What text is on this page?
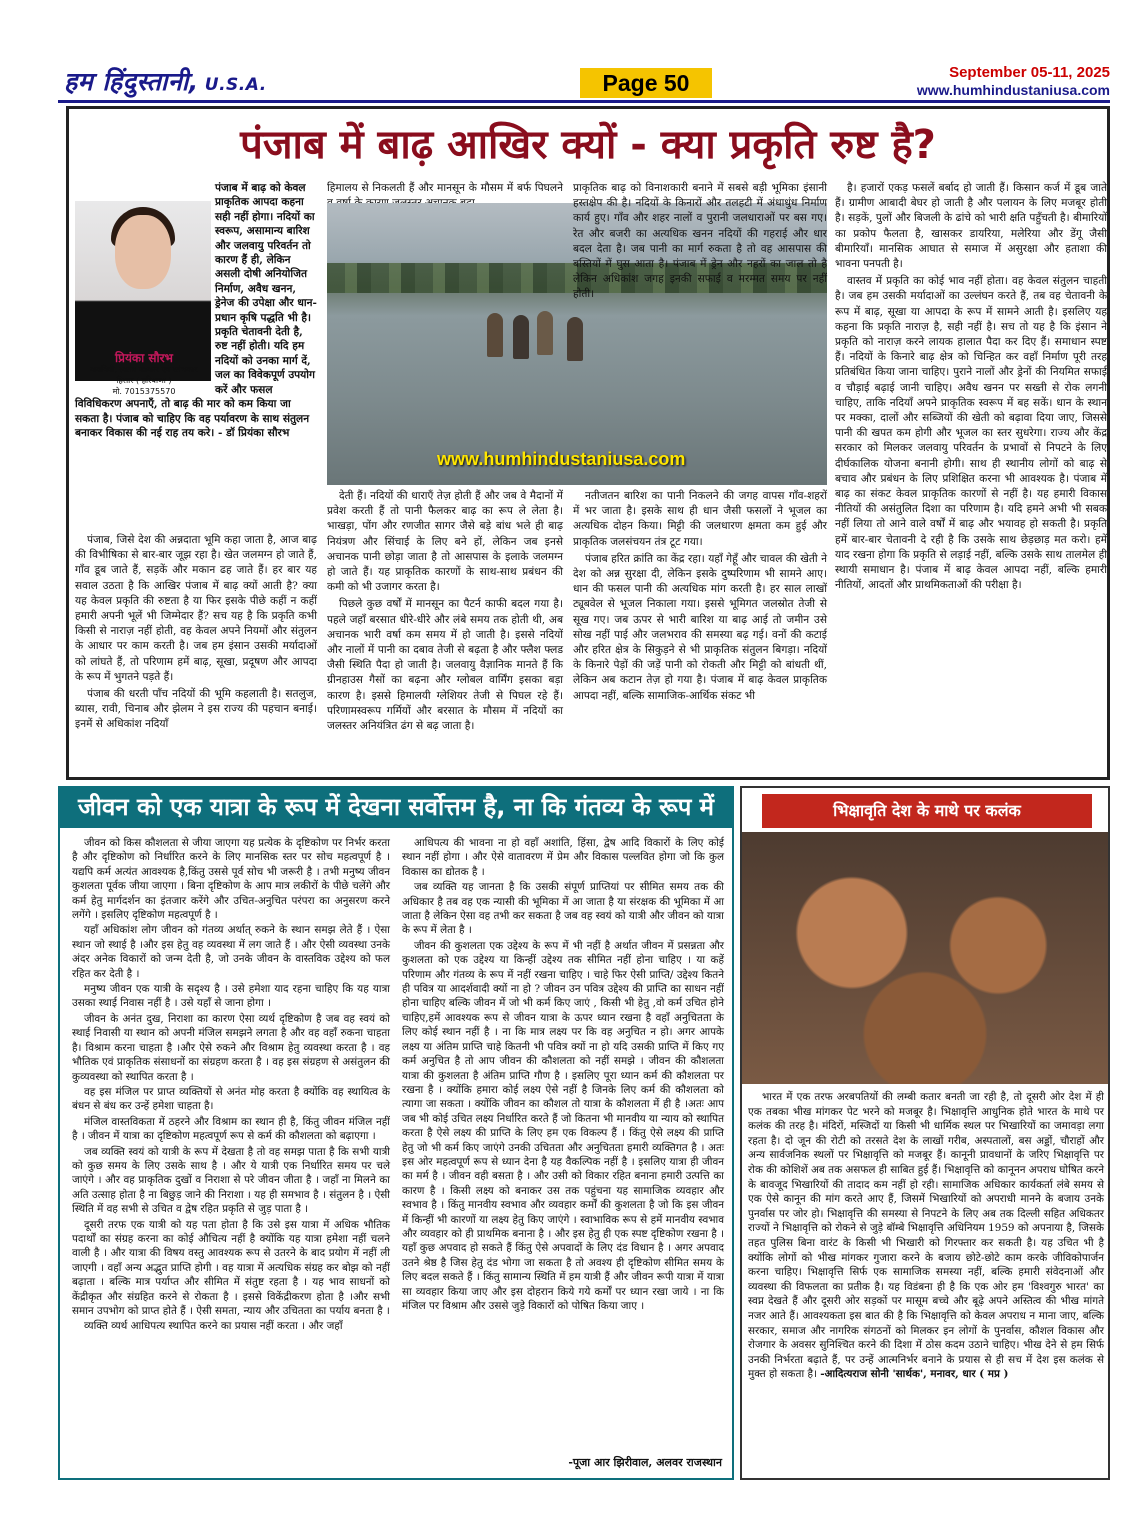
हम हिंदुस्तानी, U.S.A.	Page 50	September 05-11, 2025
www.humhindustaniusa.com
पंजाब में बाढ़ आखिर क्यों - क्या प्रकृति रुष्ट है?
पंजाब में बाढ़ को केवल प्राकृतिक आपदा कहना सही नहीं होगा। नदियों का स्वरूप, असामान्य बारिश और जलवायु परिवर्तन तो कारण हैं ही, लेकिन असली दोषी अनियोजित निर्माण, अवैध खनन, ड्रेनेज की उपेक्षा और धान-प्रधान कृषि पद्धति भी है। प्रकृति चेतावनी देती है, रुष्ट नहीं होती। यदि हम नदियों को उनका मार्ग दें, जल का विवेकपूर्ण उपयोग करें और फसल विविधिकरण अपनाएँ, तो बाढ़ की मार को कम किया जा सकता है। पंजाब को चाहिए कि वह पर्यावरण के साथ संतुलन बनाकर विकास की नई राह तय करे। - डॉ प्रियंका सौरभ
प्रियंका सौरभ
कवयित्री, स्वतंत्र पत्रकार एवं स्तंभकार
हिसार ( हरियाणा )
मो. 7015375570

पंजाब, जिसे देश की अन्नदाता भूमि कहा जाता है, आज बाढ़ की विभीषिका से बार-बार जूझ रहा है। खेत जलमग्न हो जाते हैं, गाँव डूब जाते हैं, सड़कें और मकान ढह जाते हैं। हर बार यह सवाल उठता है कि आखिर पंजाब में बाढ़ क्यों आती है? क्या यह केवल प्रकृति की रुष्टता है या फिर इसके पीछे कहीं न कहीं हमारी अपनी भूलें भी जिम्मेदार हैं? सच यह है कि प्रकृति कभी किसी से नाराज़ नहीं होती, वह केवल अपने नियमों और संतुलन के आधार पर काम करती है। जब हम इंसान उसकी मर्यादाओं को लांघते हैं, तो परिणाम हमें बाढ़, सूखा, प्रदूषण और आपदा के रूप में भुगतने पड़ते हैं।

पंजाब की धरती पाँच नदियों की भूमि कहलाती है। सतलुज, ब्यास, रावी, चिनाब और झेलम ने इस राज्य की पहचान बनाई। इनमें से अधिकांश नदियाँ

हिमालय से निकलती हैं और मानसून के मौसम में बर्फ पिघलने
www.humhindustaniusa.com

देती हैं। नदियों की धाराएँ तेज़ होती हैं और जब वे मैदानों में प्रवेश करती हैं तो पानी फैलकर बाढ़ का रूप ले लेता है। भाखड़ा, पोंग और रणजीत सागर जैसे बड़े बांध भले ही बाढ़ नियंत्रण और सिंचाई के लिए बने हों, लेकिन जब इनसे अचानक पानी छोड़ा जाता है तो आसपास के इलाके जलमग्न हो जाते हैं। यह प्राकृतिक कारणों के साथ-साथ प्रबंधन की कमी को भी उजागर करता है।

पिछले कुछ वर्षों में मानसून का पैटर्न काफी बदल गया है। पहले जहाँ बरसात धीरे-धीरे और लंबे समय तक होती थी, अब अचानक भारी वर्षा कम समय में हो जाती है। इससे नदियों और नालों में पानी का दबाव तेजी से बढ़ता है और फ्लैश फ्लड जैसी स्थिति पैदा हो जाती है। जलवायु वैज्ञानिक मानते हैं कि ग्रीनहाउस गैसों का बढ़ना और ग्लोबल वार्मिंग इसका बड़ा कारण है। इससे हिमालयी ग्लेशियर तेजी से पिघल रहे हैं। परिणामस्वरूप गर्मियों और बरसात के मौसम में नदियों का जलस्तर अनियंत्रित ढंग से बढ़ जाता है।

प्राकृतिक बाढ़ को विनाशकारी बनाने में सबसे बड़ी भूमिका इंसानी हस्तक्षेप की है। नदियों के किनारों और तलहटी में अंधाधुंध निर्माण कार्य हुए। गाँव और शहर नालों व पुरानी जलधाराओं पर बस गए। रेत और बजरी का अत्यधिक खनन नदियों की गहराई और धार बदल देता है। जब पानी का मार्ग रुकता है तो वह आसपास की बस्तियों में घुस आता है। पंजाब में ड्रेन और नहरों का जाल तो है लेकिन अधिकांश जगह इनकी सफाई व मरम्मत समय पर नहीं होती।

नतीजतन बारिश का पानी निकलने की जगह वापस गाँव-शहरों में भर जाता है। इसके साथ ही धान जैसी फसलों ने भूजल का अत्यधिक दोहन किया। मिट्टी की जलधारण क्षमता कम हुई और प्राकृतिक जलसंचयन तंत्र टूट गया।

पंजाब हरित क्रांति का केंद्र रहा। यहाँ गेहूँ और चावल की खेती ने देश को अन्न सुरक्षा दी, लेकिन इसके दुष्परिणाम भी सामने आए। धान की फसल पानी की अत्यधिक मांग करती है। हर साल लाखों ट्यूबवेल से भूजल निकाला गया। इससे भूमिगत जलस्रोत तेजी से सूख गए। जब ऊपर से भारी बारिश या बाढ़ आई तो जमीन उसे सोख नहीं पाई और जलभराव की समस्या बढ़ गई। वनों की कटाई और हरित क्षेत्र के सिकुड़ने से भी प्राकृतिक संतुलन बिगड़ा। नदियों के किनारे पेड़ों की जड़ें पानी को रोकती और मिट्टी को बांधती थीं, लेकिन अब कटान तेज़ हो गया है। पंजाब में बाढ़ केवल प्राकृतिक आपदा नहीं, बल्कि सामाजिक-आर्थिक संकट भी

है। हजारों एकड़ फसलें बर्बाद हो जाती हैं। किसान कर्ज में डूब जाते हैं। ग्रामीण आबादी बेघर हो जाती है और पलायन के लिए मजबूर होती है। सड़कें, पुलों और बिजली के ढांचे को भारी क्षति पहुँचती है। बीमारियों का प्रकोप फैलता है, खासकर डायरिया, मलेरिया और डेंगू जैसी बीमारियाँ। मानसिक आघात से समाज में असुरक्षा और हताशा की भावना पनपती है।

वास्तव में प्रकृति का कोई भाव नहीं होता। वह केवल संतुलन चाहती है। जब हम उसकी मर्यादाओं का उल्लंघन करते हैं, तब वह चेतावनी के रूप में बाढ़, सूखा या आपदा के रूप में सामने आती है। इसलिए यह कहना कि प्रकृति नाराज़ है, सही नहीं है। सच तो यह है कि इंसान ने प्रकृति को नाराज़ करने लायक हालात पैदा कर दिए हैं। समाधान स्पष्ट हैं। नदियों के किनारे बाढ़ क्षेत्र को चिन्हित कर वहाँ निर्माण पूरी तरह प्रतिबंधित किया जाना चाहिए। पुराने नालों और ड्रेनों की नियमित सफाई व चौड़ाई बढ़ाई जानी चाहिए। अवैध खनन पर सख्ती से रोक लगनी चाहिए, ताकि नदियाँ अपने प्राकृतिक स्वरूप में बह सकें। धान के स्थान पर मक्का, दालों और सब्जियों की खेती को बढ़ावा दिया जाए, जिससे पानी की खपत कम होगी और भूजल का स्तर सुधरेगा। राज्य और केंद्र सरकार को मिलकर जलवायु परिवर्तन के प्रभावों से निपटने के लिए दीर्घकालिक योजना बनानी होगी। साथ ही स्थानीय लोगों को बाढ़ से बचाव और प्रबंधन के लिए प्रशिक्षित करना भी आवश्यक है। पंजाब में बाढ़ का संकट केवल प्राकृतिक कारणों से नहीं है। यह हमारी विकास नीतियों की असंतुलित दिशा का परिणाम है। यदि हमने अभी भी सबक नहीं लिया तो आने वाले वर्षों में बाढ़ और भयावह हो सकती है। प्रकृति हमें बार-बार चेतावनी दे रही है कि उसके साथ छेड़छाड़ मत करो। हमें याद रखना होगा कि प्रकृति से लड़ाई नहीं, बल्कि उसके साथ तालमेल ही स्थायी समाधान है। पंजाब में बाढ़ केवल आपदा नहीं, बल्कि हमारी नीतियों, आदतों और प्राथमिकताओं की परीक्षा है।

जीवन को एक यात्रा के रूप में देखना सर्वोत्तम है, ना कि गंतव्य के रूप में

जीवन को किस कौशलता से जीया जाएगा यह प्रत्येक के दृष्टिकोण पर निर्भर करता है और दृष्टिकोण को निर्धारित करने के लिए मानसिक स्तर पर सोच महत्वपूर्ण है । यद्यपि कर्म अत्यंत आवश्यक है,किंतु उससे पूर्व सोच भी जरूरी है । तभी मनुष्य जीवन कुशलता पूर्वक जीया जाएगा । बिना दृष्टिकोण के आप मात्र लकीरों के पीछे चलेंगे और कर्म हेतु मार्गदर्शन का इंतजार करेंगे और उचित-अनुचित परंपरा का अनुसरण करने लगेंगे । इसलिए दृष्टिकोण महत्वपूर्ण है ।

यहाँ अधिकांश लोग जीवन को गंतव्य अर्थात् रुकने के स्थान समझ लेते हैं । ऐसा स्थान जो स्थाई है ।और इस हेतु वह व्यवस्था में लग जाते हैं । और ऐसी व्यवस्था उनके अंदर अनेक विकारों को जन्म देती है, जो उनके जीवन के वास्तविक उद्देश्य को फल रहित कर देती है ।

मनुष्य जीवन एक यात्री के सदृश्य है । उसे हमेशा याद रहना चाहिए कि यह यात्रा उसका स्थाई निवास नहीं है । उसे यहाँ से जाना होगा ।

जीवन के अनंत दुख, निराशा का कारण ऐसा व्यर्थ दृष्टिकोण है जब वह स्वयं को स्थाई निवासी या स्थान को अपनी मंजिल समझने लगता है और वह वहाँ रुकना चाहता है। विश्राम करना चाहता है ।और ऐसे रुकने और विश्राम हेतु व्यवस्था करता है । वह भौतिक एवं प्राकृतिक संसाधनों का संग्रहण करता है । वह इस संग्रहण से असंतुलन की कुव्यवस्था को स्थापित करता है ।

वह इस मंजिल पर प्राप्त व्यक्तियों से अनंत मोह करता है क्योंकि वह स्थायित्व के बंधन से बंध कर उन्हें हमेशा चाहता है।

मंजिल वास्तविकता में ठहरने और विश्राम का स्थान ही है, किंतु जीवन मंजिल नहीं है । जीवन में यात्रा का दृष्टिकोण महत्वपूर्ण रूप से कर्म की कौशलता को बढ़ाएगा ।

जब व्यक्ति स्वयं को यात्री के रूप में देखता है तो वह समझ पाता है कि सभी यात्री को कुछ समय के लिए उसके साथ है । और ये यात्री एक निर्धारित समय पर चले जाएंगे । और वह प्राकृतिक दुखों व निराशा से परे जीवन जीता है । जहाँ ना मिलने का अति उत्साह होता है ना बिछुड़ जाने की निराशा । यह ही समभाव है । संतुलन है । ऐसी स्थिति में वह सभी से उचित व द्वेष रहित प्रकृति से जुड़ पाता है ।

दूसरी तरफ एक यात्री को यह पता होता है कि उसे इस यात्रा में अधिक भौतिक पदार्थों का संग्रह करना का कोई औचित्य नहीं है क्योंकि यह यात्रा हमेशा नहीं चलने वाली है । और यात्रा की विषय वस्तु आवश्यक रूप से उतरने के बाद प्रयोग में नहीं ली जाएगी । वहाँ अन्य अद्भुत प्राप्ति होगी । वह यात्रा में अत्यधिक संग्रह कर बोझ को नहीं बढ़ाता । बल्कि मात्र पर्याप्त और सीमित में संतुष्ट रहता है । यह भाव साधनों को केंद्रीकृत और संग्रहित करने से रोकता है । इससे विकेंद्रीकरण होता है ।और सभी समान उपभोग को प्राप्त होते हैं । ऐसी समता, न्याय और उचितता का पर्याय बनता है ।

व्यक्ति व्यर्थ आधिपत्य स्थापित करने का प्रयास नहीं करता । और जहाँ

आधिपत्य की भावना ना हो वहाँ अशांति, हिंसा, द्वेष आदि विकारों के लिए कोई स्थान नहीं होगा । और ऐसे वातावरण में प्रेम और विकास पल्लवित होगा जो कि कुल विकास का द्योतक है ।

जब व्यक्ति यह जानता है कि उसकी संपूर्ण प्राप्तियां पर सीमित समय तक की अधिकार है तब वह एक न्यासी की भूमिका में आ जाता है या संरक्षक की भूमिका में आ जाता है लेकिन ऐसा वह तभी कर सकता है जब वह स्वयं को यात्री और जीवन को यात्रा के रूप में लेता है ।

जीवन की कुशलता एक उद्देश्य के रूप में भी नहीं है अर्थात जीवन में प्रसन्नता और कुशलता को एक उद्देश्य या किन्हीं उद्देश्य तक सीमित नहीं होना चाहिए । या कहें परिणाम और गंतव्य के रूप में नहीं रखना चाहिए । चाहे फिर ऐसी प्राप्ति/ उद्देश्य कितने ही पवित्र या आदर्शवादी क्यों ना हो ? जीवन उन पवित्र उद्देश्य की प्राप्ति का साधन नहीं होना चाहिए बल्कि जीवन में जो भी कर्म किए जाएं , किसी भी हेतु ,वो कर्म उचित होने चाहिए,हमें आवश्यक रूप से जीवन यात्रा के ऊपर ध्यान रखना है वहाँ अनुचितता के लिए कोई स्थान नहीं है । ना कि मात्र लक्ष्य पर कि वह अनुचित न हो। अगर आपके लक्ष्य या अंतिम प्राप्ति चाहे कितनी भी पवित्र क्यों ना हो यदि उसकी प्राप्ति में किए गए कर्म अनुचित है तो आप जीवन की कौशलता को नहीं समझे । जीवन की कौशलता यात्रा की कुशलता है अंतिम प्राप्ति गौण है । इसलिए पूरा ध्यान कर्म की कौशलता पर रखना है । क्योंकि हमारा कोई लक्ष्य ऐसे नहीं है जिनके लिए कर्म की कौशलता को त्यागा जा सकता । क्योंकि जीवन का कौशल तो यात्रा के कौशलता में ही है ।अतः आप जब भी कोई उचित लक्ष्य निर्धारित करते हैं जो कितना भी मानवीय या न्याय को स्थापित करता है ऐसे लक्ष्य की प्राप्ति के लिए हम एक विकल्प हैं । किंतु ऐसे लक्ष्य की प्राप्ति हेतु जो भी कर्म किए जाएंगे उनकी उचितता और अनुचितता हमारी व्यक्तिगत है । अतः इस ओर महत्वपूर्ण रूप से ध्यान देना है यह वैकल्पिक नहीं है । इसलिए यात्रा ही जीवन का मर्म है । जीवन वही बसता है । और उसी को विकार रहित बनाना हमारी उत्पत्ति का कारण है । किसी लक्ष्य को बनाकर उस तक पहुंचना यह सामाजिक व्यवहार और स्वभाव है । किंतु मानवीय स्वभाव और व्यवहार कर्मों की कुशलता है जो कि इस जीवन में किन्हीं भी कारणों या लक्ष्य हेतु किए जाएंगे । स्वाभाविक रूप से हमें मानवीय स्वभाव और व्यवहार को ही प्राथमिक बनाना है । और इस हेतु ही एक स्पष्ट दृष्टिकोण रखना है । यहाँ कुछ अपवाद हो सकते हैं किंतु ऐसे अपवादों के लिए दंड विधान है । अगर अपवाद उतने श्रेष्ठ है जिस हेतु दंड भोगा जा सकता है तो अवश्य ही दृष्टिकोण सीमित समय के लिए बदल सकते हैं । किंतु सामान्य स्थिति में हम यात्री हैं और जीवन रूपी यात्रा में यात्रा सा व्यवहार किया जाए और इस दोहरान किये गये कर्मों पर ध्यान रखा जाये । ना कि मंजिल पर विश्राम और उससे जुड़े विकारों को पोषित किया जाए ।

-पूजा आर झिरीवाल, अलवर राजस्थान
भिक्षावृति देश के माथे पर कलंक

भारत में एक तरफ अरबपतियों की लम्बी कतार बनती जा रही है, तो दूसरी ओर देश में ही एक तबका भीख मांगकर पेट भरने को मजबूर है। भिक्षावृत्ति आधुनिक होते भारत के माथे पर कलंक की तरह है। मंदिरों, मस्जिदों या किसी भी धार्मिक स्थल पर भिखारियों का जमावड़ा लगा रहता है। दो जून की रोटी को तरसते देश के लाखों गरीब, अस्पतालों, बस अड्डों, चौराहों और अन्य सार्वजनिक स्थलों पर भिक्षावृत्ति को मजबूर हैं। कानूनी प्रावधानों के जरिए भिक्षावृत्ति पर रोक की कोशिशें अब तक असफल ही साबित हुई हैं। भिक्षावृत्ति को कानूनन अपराध घोषित करने के बावजूद भिखारियों की तादाद कम नहीं हो रही। सामाजिक अधिकार कार्यकर्ता लंबे समय से एक ऐसे कानून की मांग करते आए हैं, जिसमें भिखारियों को अपराधी मानने के बजाय उनके पुनर्वास पर जोर हो। भिक्षावृत्ति की समस्या से निपटने के लिए अब तक दिल्ली सहित अधिकतर राज्यों ने भिक्षावृत्ति को रोकने से जुड़े बॉम्बे भिक्षावृत्ति अधिनियम 1959 को अपनाया है, जिसके तहत पुलिस बिना वारंट के किसी भी भिखारी को गिरफ्तार कर सकती है। यह उचित भी है क्योंकि लोगों को भीख मांगकर गुजारा करने के बजाय छोटे-छोटे काम करके जीविकोपार्जन करना चाहिए। भिक्षावृत्ति सिर्फ एक सामाजिक समस्या नहीं, बल्कि हमारी संवेदनाओं और व्यवस्था की विफलता का प्रतीक है। यह विडंबना ही है कि एक ओर हम 'विश्वगुरु भारत' का स्वप्न देखते हैं और दूसरी ओर सड़कों पर मासूम बच्चे और बूढ़े अपने अस्तित्व की भीख मांगते नजर आते हैं। आवश्यकता इस बात की है कि भिक्षावृत्ति को केवल अपराध न माना जाए, बल्कि सरकार, समाज और नागरिक संगठनों को मिलकर इन लोगों के पुनर्वास, कौशल विकास और रोजगार के अवसर सुनिश्चित करने की दिशा में ठोस कदम उठाने चाहिए। भीख देने से हम सिर्फ उनकी निर्भरता बढ़ाते हैं, पर उन्हें आत्मनिर्भर बनाने के प्रयास से ही सच में देश इस कलंक से मुक्त हो सकता है। -आदित्यराज सोनी 'सार्थक', मनावर, धार ( मप्र )
